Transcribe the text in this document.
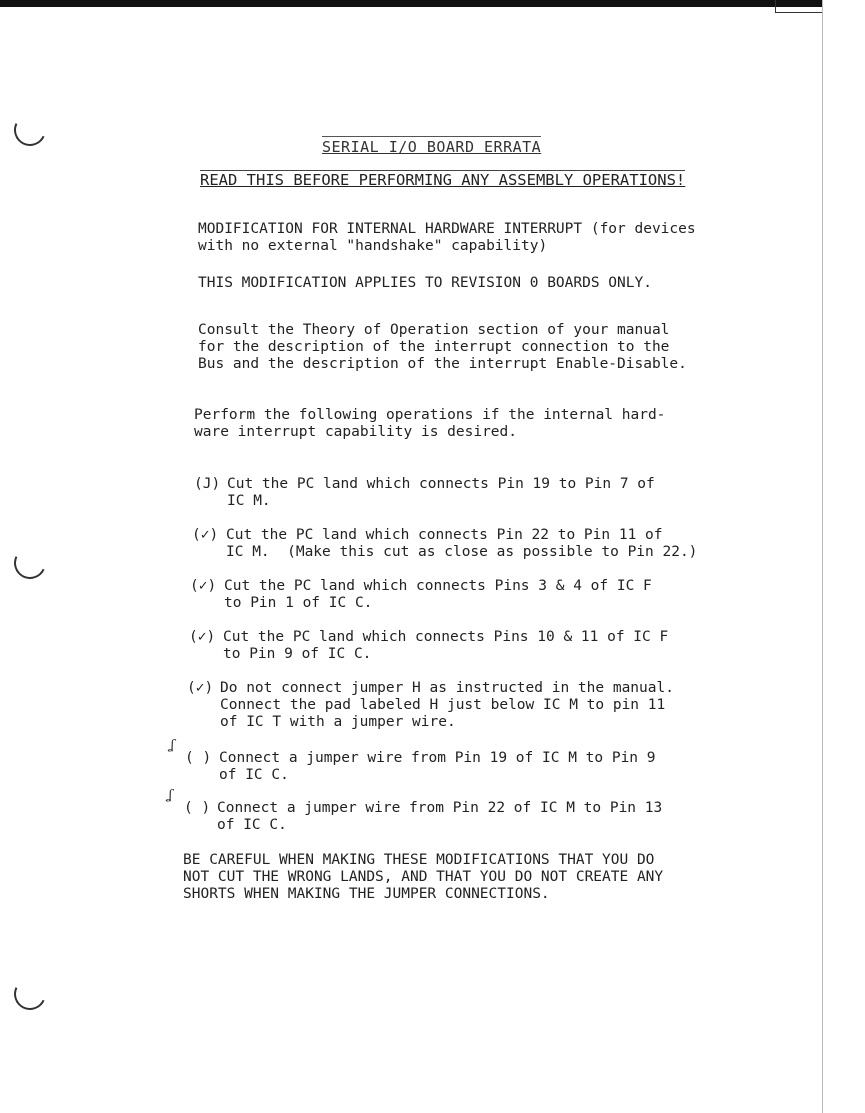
SERIAL I/O BOARD ERRATA
READ THIS BEFORE PERFORMING ANY ASSEMBLY OPERATIONS!
MODIFICATION FOR INTERNAL HARDWARE INTERRUPT (for devices
with no external "handshake" capability)
THIS MODIFICATION APPLIES TO REVISION 0 BOARDS ONLY.
Consult the Theory of Operation section of your manual
for the description of the interrupt connection to the
Bus and the description of the interrupt Enable-Disable.
Perform the following operations if the internal hard-
ware interrupt capability is desired.
(J) Cut the PC land which connects Pin 19 to Pin 7 of
IC M.
(✓) Cut the PC land which connects Pin 22 to Pin 11 of
IC M.  (Make this cut as close as possible to Pin 22.)
(✓) Cut the PC land which connects Pins 3 & 4 of IC F
to Pin 1 of IC C.
(✓) Cut the PC land which connects Pins 10 & 11 of IC F
to Pin 9 of IC C.
(✓) Do not connect jumper H as instructed in the manual.
Connect the pad labeled H just below IC M to pin 11
of IC T with a jumper wire.
ʆ
( ) Connect a jumper wire from Pin 19 of IC M to Pin 9
of IC C.
ʆ
( ) Connect a jumper wire from Pin 22 of IC M to Pin 13
of IC C.
BE CAREFUL WHEN MAKING THESE MODIFICATIONS THAT YOU DO
NOT CUT THE WRONG LANDS, AND THAT YOU DO NOT CREATE ANY
SHORTS WHEN MAKING THE JUMPER CONNECTIONS.
